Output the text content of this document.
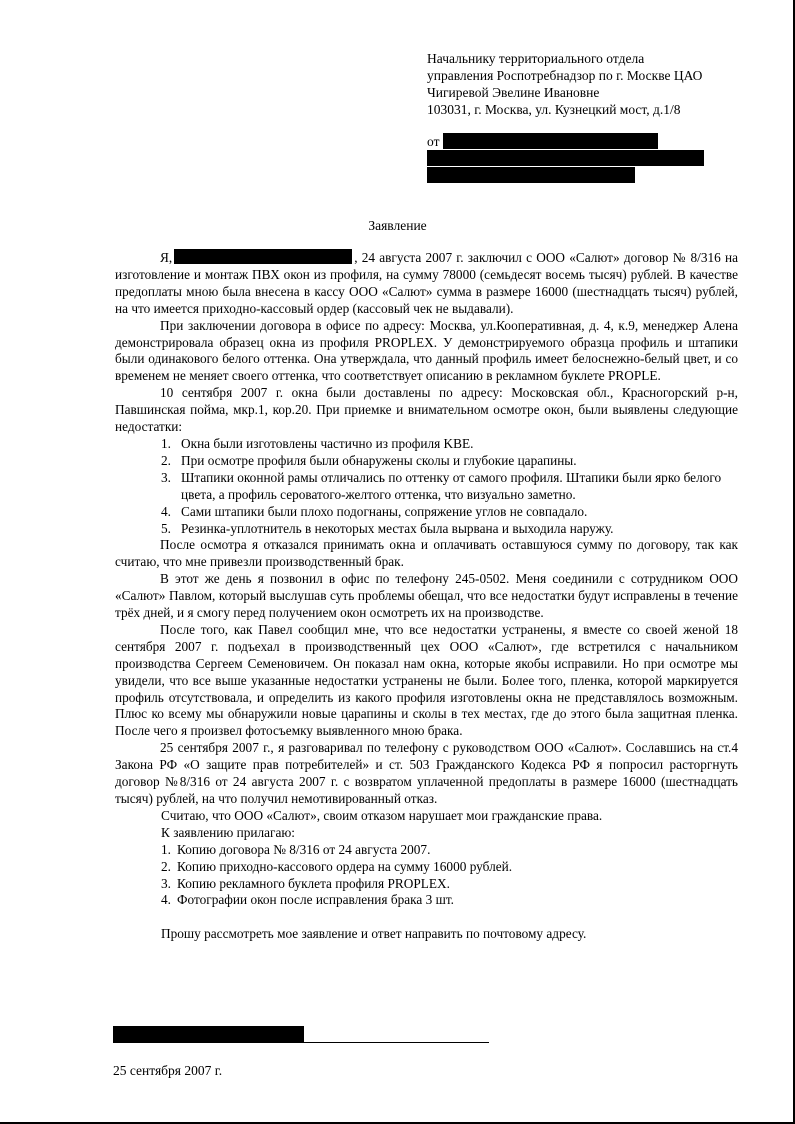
Начальнику территориального отдела
управления Роспотребнадзор по г. Москве ЦАО
Чигиревой Эвелине Ивановне
103031, г. Москва, ул. Кузнецкий мост, д.1/8
от
Заявление

Я,	, 24 августа 2007 г. заключил с ООО «Салют» договор № 8/316 на изготовление и монтаж ПВХ окон из профиля, на сумму 78000 (семьдесят восемь тысяч) рублей. В качестве предоплаты мною была внесена в кассу ООО «Салют» сумма в размере 16000 (шестнадцать тысяч) рублей, на что имеется приходно-кассовый ордер (кассовый чек не выдавали).

При заключении договора в офисе по адресу: Москва, ул.Кооперативная, д. 4, к.9, менеджер Алена демонстрировала образец окна из профиля PROPLEX. У демонстрируемого образца профиль и штапики были одинакового белого оттенка. Она утверждала, что данный профиль имеет белоснежно-белый цвет, и со временем не меняет своего оттенка, что соответствует описанию в рекламном буклете PROPLE.

10 сентября 2007 г. окна были доставлены по адресу: Московская обл., Красногорский р-н, Павшинская пойма, мкр.1, кор.20. При приемке и внимательном осмотре окон, были выявлены следующие недостатки:

1. Окна были изготовлены частично из профиля KBE.
2. При осмотре профиля были обнаружены сколы и глубокие царапины.
3. Штапики оконной рамы отличались по оттенку от самого профиля. Штапики были ярко белого цвета, а профиль сероватого-желтого оттенка, что визуально заметно.
4. Сами штапики были плохо подогнаны, сопряжение углов не совпадало.
5. Резинка-уплотнитель в некоторых местах была вырвана и выходила наружу.

После осмотра я отказался принимать окна и оплачивать оставшуюся сумму по договору, так как считаю, что мне привезли производственный брак.

В этот же день я позвонил в офис по телефону 245-0502. Меня соединили с сотрудником ООО «Салют» Павлом, который выслушав суть проблемы обещал, что все недостатки будут исправлены в течение трёх дней, и я смогу перед получением окон осмотреть их на производстве.

После того, как Павел сообщил мне, что все недостатки устранены, я вместе со своей женой 18 сентября 2007 г. подъехал в производственный цех ООО «Салют», где встретился с начальником производства Сергеем Семеновичем. Он показал нам окна, которые якобы исправили. Но при осмотре мы увидели, что все выше указанные недостатки устранены не были. Более того, пленка, которой маркируется профиль отсутствовала, и определить из какого профиля изготовлены окна не представлялось возможным. Плюс ко всему мы обнаружили новые царапины и сколы в тех местах, где до этого была защитная пленка. После чего я произвел фотосъемку выявленного мною брака.

25 сентября 2007 г., я разговаривал по телефону с руководством ООО «Салют». Сославшись на ст.4 Закона РФ «О защите прав потребителей» и ст. 503 Гражданского Кодекса РФ я попросил расторгнуть договор №8/316 от 24 августа 2007 г. с возвратом уплаченной предоплаты в размере 16000 (шестнадцать тысяч) рублей, на что получил немотивированный отказ.

Считаю, что ООО «Салют», своим отказом нарушает мои гражданские права.

К заявлению прилагаю:

1. Копию договора № 8/316 от 24 августа 2007.
2. Копию приходно-кассового ордера на сумму 16000 рублей.
3. Копию рекламного буклета профиля PROPLEX.
4. Фотографии окон после исправления брака 3 шт.

Прошу рассмотреть мое заявление и ответ направить по почтовому адресу.

25 сентября 2007 г.
